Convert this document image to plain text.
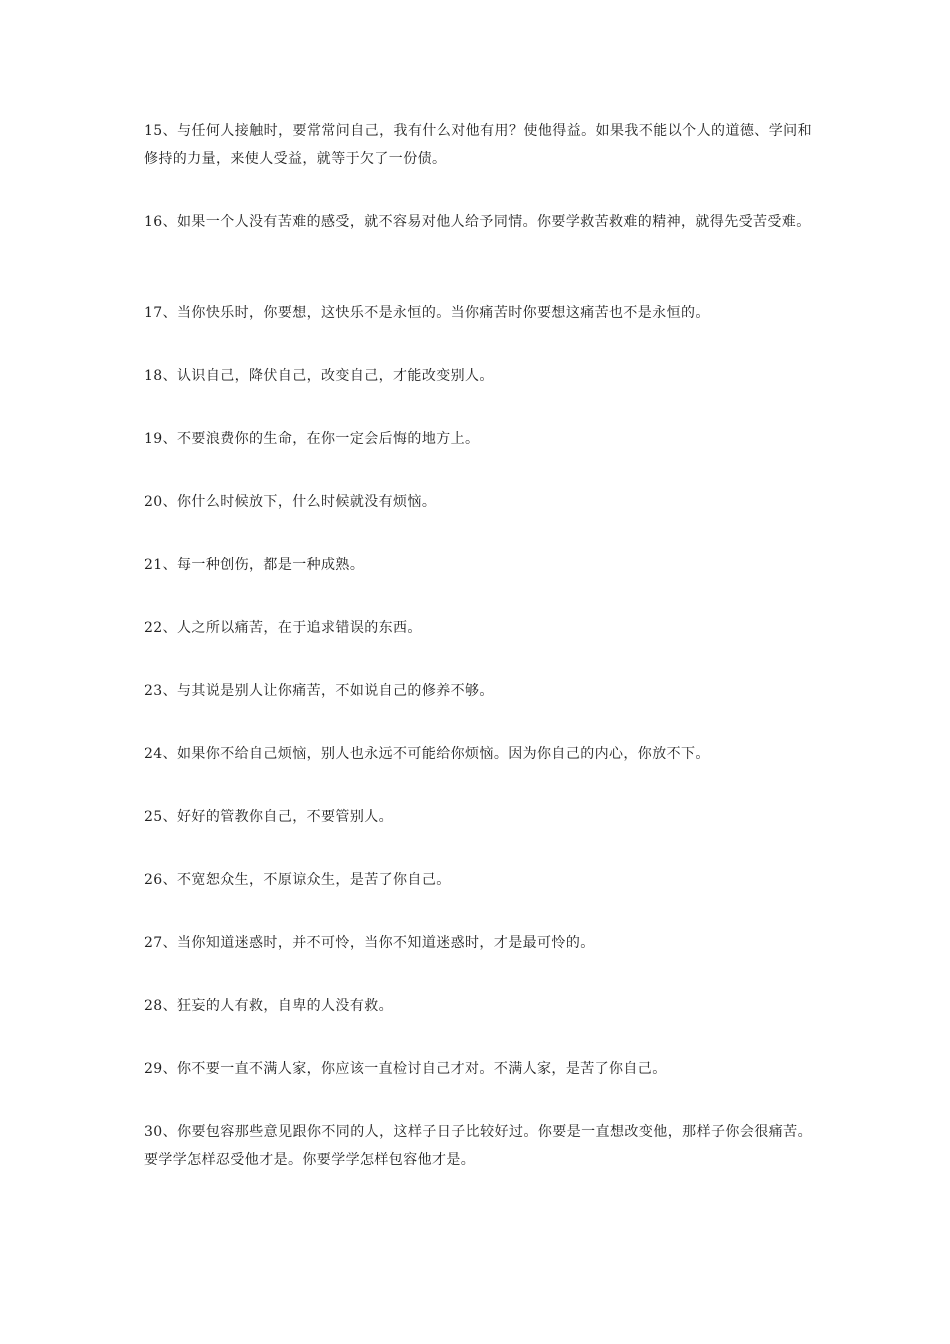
15、与任何人接触时，要常常问自己，我有什么对他有用？使他得益。如果我不能以个人的道德、学问和修持的力量，来使人受益，就等于欠了一份债。

16、如果一个人没有苦难的感受，就不容易对他人给予同情。你要学救苦救难的精神，就得先受苦受难。

17、当你快乐时，你要想，这快乐不是永恒的。当你痛苦时你要想这痛苦也不是永恒的。

18、认识自己，降伏自己，改变自己，才能改变别人。

19、不要浪费你的生命，在你一定会后悔的地方上。

20、你什么时候放下，什么时候就没有烦恼。

21、每一种创伤，都是一种成熟。

22、人之所以痛苦，在于追求错误的东西。

23、与其说是别人让你痛苦，不如说自己的修养不够。

24、如果你不给自己烦恼，别人也永远不可能给你烦恼。因为你自己的内心，你放不下。

25、好好的管教你自己，不要管别人。

26、不宽恕众生，不原谅众生，是苦了你自己。

27、当你知道迷惑时，并不可怜，当你不知道迷惑时，才是最可怜的。

28、狂妄的人有救，自卑的人没有救。

29、你不要一直不满人家，你应该一直检讨自己才对。不满人家，是苦了你自己。

30、你要包容那些意见跟你不同的人，这样子日子比较好过。你要是一直想改变他，那样子你会很痛苦。要学学怎样忍受他才是。你要学学怎样包容他才是。
